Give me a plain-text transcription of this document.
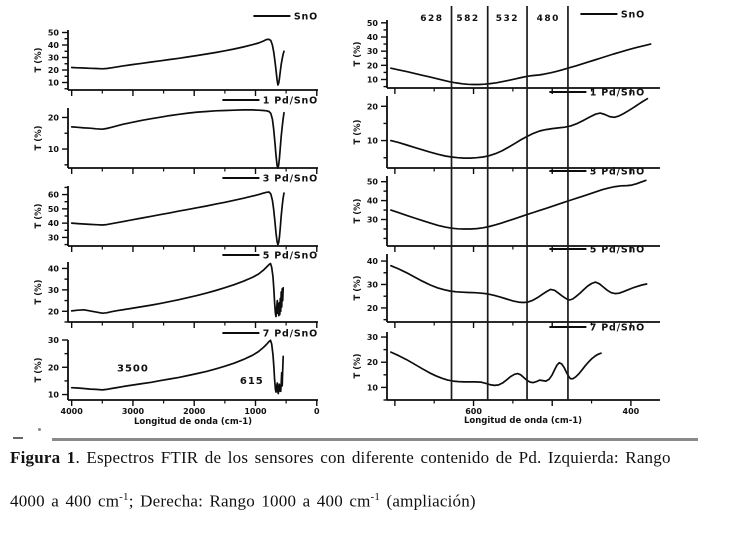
10
20
30
40
50
T (%)
SnO
10
20
T (%)
1 Pd/SnO
30
40
50
60
T (%)
3 Pd/SnO
20
30
40
T (%)
5 Pd/SnO
10
20
30
4000	3000	2000	1000	0
Longitud de onda (cm-1)
T (%)	3500
615
7 Pd/SnO
10
20
30
40
50
T (%)
SnO
10
20
T (%)
1 Pd/SnO
30
40
50
T (%)
3 Pd/SnO
20
30
40
T (%)
5 Pd/SnO
10
20
30
600	400
Longitud de onda (cm-1)
T (%)
7 Pd/SnO
628 582 532 480
Figura 1. Espectros FTIR de los sensores con diferente contenido de Pd. Izquierda: Rango
4000 a 400 $cm^{-1}$; Derecha: Rango 1000 a 400 $cm^{-1}$ (ampliación)
